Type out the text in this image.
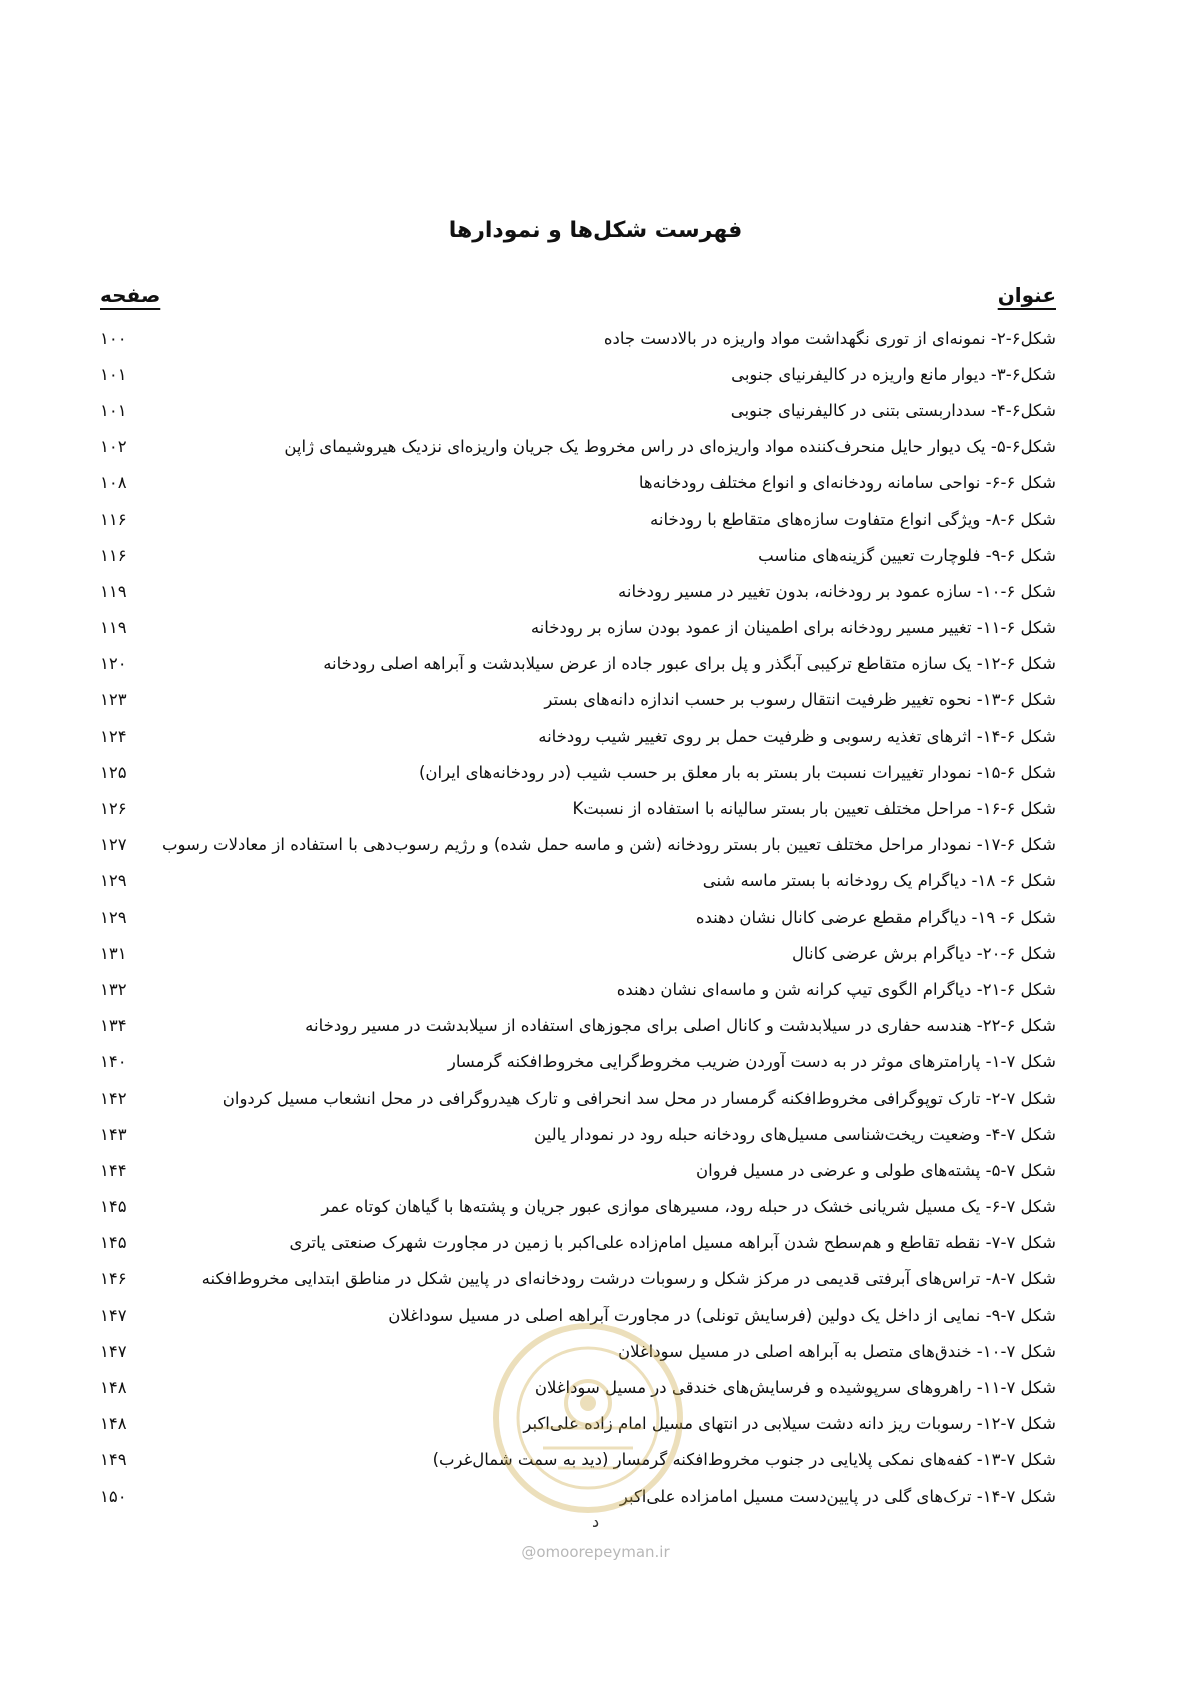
فهرست شکل‌ها و نمودارها
عنوان
صفحه
شکل۶-۲- نمونه‌ای از توری نگهداشت مواد واریزه در بالادست جاده
۱۰۰
شکل۶-۳- دیوار مانع واریزه در کالیفرنیای جنوبی
۱۰۱
شکل۶-۴- سدداربستی بتنی در کالیفرنیای جنوبی
۱۰۱
شکل۶-۵- یک دیوار حایل منحرف‌کننده مواد واریزه‌ای در راس مخروط یک جریان واریزه‌ای نزدیک هیروشیمای ژاپن
۱۰۲
شکل ۶-۶- نواحی سامانه رودخانه‌ای و انواع مختلف رودخانه‌ها
۱۰۸
شکل ۶-۸- ویژگی انواع متفاوت سازه‌های متقاطع با رودخانه
۱۱۶
شکل ۶-۹- فلوچارت تعیین گزینه‌های مناسب
۱۱۶
شکل ۶-۱۰- سازه عمود بر رودخانه، بدون تغییر در مسیر رودخانه
۱۱۹
شکل ۶-۱۱- تغییر مسیر رودخانه برای اطمینان از عمود بودن سازه بر رودخانه
۱۱۹
شکل ۶-۱۲- یک سازه متقاطع ترکیبی آبگذر و پل برای عبور جاده از عرض سیلابدشت و آبراهه اصلی رودخانه
۱۲۰
شکل ۶-۱۳- نحوه تغییر ظرفیت انتقال رسوب بر حسب اندازه دانه‌های بستر
۱۲۳
شکل ۶-۱۴- اثرهای تغذیه رسوبی و ظرفیت حمل بر روی تغییر شیب رودخانه
۱۲۴
شکل ۶-۱۵- نمودار تغییرات نسبت بار بستر به بار معلق بر حسب شیب (در رودخانه‌های ایران)
۱۲۵
شکل ۶-۱۶- مراحل مختلف تعیین بار بستر سالیانه با استفاده از نسبتK
۱۲۶
شکل ۶-۱۷- نمودار مراحل مختلف تعیین بار بستر رودخانه (شن و ماسه حمل شده) و رژیم رسوب‌دهی با استفاده از معادلات رسوب
۱۲۷
شکل ۶- ۱۸- دیاگرام یک رودخانه با بستر ماسه شنی
۱۲۹
شکل ۶- ۱۹- دیاگرام مقطع عرضی کانال نشان دهنده
۱۲۹
شکل ۶-۲۰- دیاگرام برش عرضی کانال
۱۳۱
شکل ۶-۲۱- دیاگرام الگوی تیپ کرانه شن و ماسه‌ای نشان دهنده
۱۳۲
شکل ۶-۲۲- هندسه حفاری در سیلابدشت و کانال اصلی برای مجوزهای استفاده از سیلابدشت در مسیر رودخانه
۱۳۴
شکل ۷-۱- پارامترهای موثر در به دست آوردن ضریب مخروط‌گرایی مخروط‌افکنه گرمسار
۱۴۰
شکل ۷-۲- تارک توپوگرافی مخروط‌افکنه گرمسار در محل سد انحرافی و تارک هیدروگرافی در محل انشعاب مسیل کردوان
۱۴۲
شکل ۷-۴- وضعیت ریخت‌شناسی مسیل‌های رودخانه حبله رود در نمودار یالین
۱۴۳
شکل ۷-۵- پشته‌های طولی و عرضی در مسیل فروان
۱۴۴
شکل ۷-۶- یک مسیل شریانی خشک در حبله رود، مسیرهای موازی عبور جریان و پشته‌ها با گیاهان کوتاه عمر
۱۴۵
شکل ۷-۷- نقطه تقاطع و هم‌سطح شدن آبراهه مسیل امام‌زاده علی‌اکبر با زمین در مجاورت شهرک صنعتی یاتری
۱۴۵
شکل ۷-۸- تراس‌های آبرفتی قدیمی در مرکز شکل و رسوبات درشت رودخانه‌ای در پایین شکل در مناطق ابتدایی مخروط‌افکنه
۱۴۶
شکل ۷-۹- نمایی از داخل یک دولین (فرسایش تونلی) در مجاورت آبراهه اصلی در مسیل سوداغلان
۱۴۷
شکل ۷-۱۰- خندق‌های متصل به آبراهه اصلی در مسیل سوداغلان
۱۴۷
شکل ۷-۱۱- راهروهای سرپوشیده و فرسایش‌های خندقی در مسیل سوداغلان
۱۴۸
شکل ۷-۱۲- رسوبات ریز دانه دشت سیلابی در انتهای مسیل امام زاده علی‌اکبر
۱۴۸
شکل ۷-۱۳- کفه‌های نمکی پلایایی در جنوب مخروط‌افکنه گرمسار (دید به سمت شمال‌غرب)
۱۴۹
شکل ۷-۱۴- ترک‌های گلی در پایین‌دست مسیل امامزاده علی‌اکبر
۱۵۰
د
@omoorepeyman.ir
